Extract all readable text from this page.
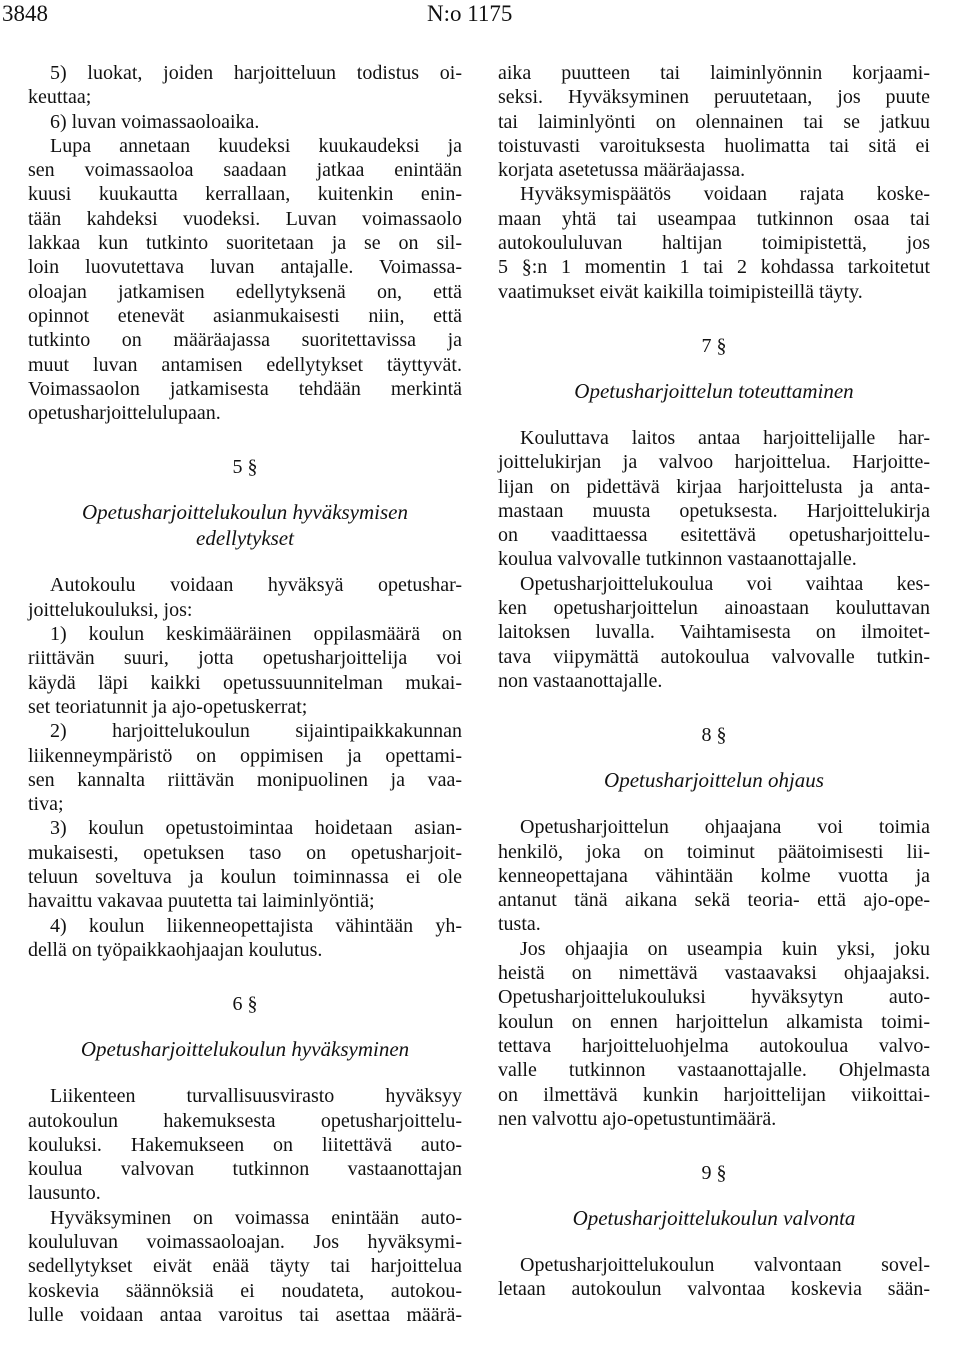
3848	N:o 1175
5) luokat, joiden harjoitteluun todistus oi-
keuttaa;
6) luvan voimassaoloaika.
Lupa annetaan kuudeksi kuukaudeksi ja
sen voimassaoloa saadaan jatkaa enintään
kuusi kuukautta kerrallaan, kuitenkin enin-
tään kahdeksi vuodeksi. Luvan voimassaolo
lakkaa kun tutkinto suoritetaan ja se on sil-
loin luovutettava luvan antajalle. Voimassa-
oloajan jatkamisen edellytyksenä on, että
opinnot etenevät asianmukaisesti niin, että
tutkinto on määräajassa suoritettavissa ja
muut luvan antamisen edellytykset täyttyvät.
Voimassaolon jatkamisesta tehdään merkintä
opetusharjoittelulupaan.
5 §
Opetusharjoittelukoulun hyväksymisen
edellytykset
Autokoulu voidaan hyväksyä opetushar-
joittelukouluksi, jos:
1) koulun keskimääräinen oppilasmäärä on
riittävän suuri, jotta opetusharjoittelija voi
käydä läpi kaikki opetussuunnitelman mukai-
set teoriatunnit ja ajo-opetuskerrat;
2) harjoittelukoulun sijaintipaikkakunnan
liikenneympäristö on oppimisen ja opettami-
sen kannalta riittävän monipuolinen ja vaa-
tiva;
3) koulun opetustoimintaa hoidetaan asian-
mukaisesti, opetuksen taso on opetusharjoit-
teluun soveltuva ja koulun toiminnassa ei ole
havaittu vakavaa puutetta tai laiminlyöntiä;
4) koulun liikenneopettajista vähintään yh-
dellä on työpaikkaohjaajan koulutus.
6 §
Opetusharjoittelukoulun hyväksyminen
Liikenteen turvallisuusvirasto hyväksyy
autokoulun hakemuksesta opetusharjoittelu-
kouluksi. Hakemukseen on liitettävä auto-
koulua valvovan tutkinnon vastaanottajan
lausunto.
Hyväksyminen on voimassa enintään auto-
koululuvan voimassaoloajan. Jos hyväksymi-
sedellytykset eivät enää täyty tai harjoittelua
koskevia säännöksiä ei noudateta, autokou-
lulle voidaan antaa varoitus tai asettaa määrä-
aika puutteen tai laiminlyönnin korjaami-
seksi. Hyväksyminen peruutetaan, jos puute
tai laiminlyönti on olennainen tai se jatkuu
toistuvasti varoituksesta huolimatta tai sitä ei
korjata asetetussa määräajassa.
Hyväksymispäätös voidaan rajata koske-
maan yhtä tai useampaa tutkinnon osaa tai
autokoululuvan haltijan toimipistettä, jos
5 §:n 1 momentin 1 tai 2 kohdassa tarkoitetut
vaatimukset eivät kaikilla toimipisteillä täyty.
7 §
Opetusharjoittelun toteuttaminen
Kouluttava laitos antaa harjoittelijalle har-
joittelukirjan ja valvoo harjoittelua. Harjoitte-
lijan on pidettävä kirjaa harjoittelusta ja anta-
mastaan muusta opetuksesta. Harjoittelukirja
on vaadittaessa esitettävä opetusharjoittelu-
koulua valvovalle tutkinnon vastaanottajalle.
Opetusharjoittelukoulua voi vaihtaa kes-
ken opetusharjoittelun ainoastaan kouluttavan
laitoksen luvalla. Vaihtamisesta on ilmoitet-
tava viipymättä autokoulua valvovalle tutkin-
non vastaanottajalle.
8 §
Opetusharjoittelun ohjaus
Opetusharjoittelun ohjaajana voi toimia
henkilö, joka on toiminut päätoimisesti lii-
kenneopettajana vähintään kolme vuotta ja
antanut tänä aikana sekä teoria- että ajo-ope-
tusta.
Jos ohjaajia on useampia kuin yksi, joku
heistä on nimettävä vastaavaksi ohjaajaksi.
Opetusharjoittelukouluksi hyväksytyn auto-
koulun on ennen harjoittelun alkamista toimi-
tettava harjoitteluohjelma autokoulua valvo-
valle tutkinnon vastaanottajalle. Ohjelmasta
on ilmettävä kunkin harjoittelijan viikoittai-
nen valvottu ajo-opetustuntimäärä.
9 §
Opetusharjoittelukoulun valvonta
Opetusharjoittelukoulun valvontaan sovel-
letaan autokoulun valvontaa koskevia sään-
